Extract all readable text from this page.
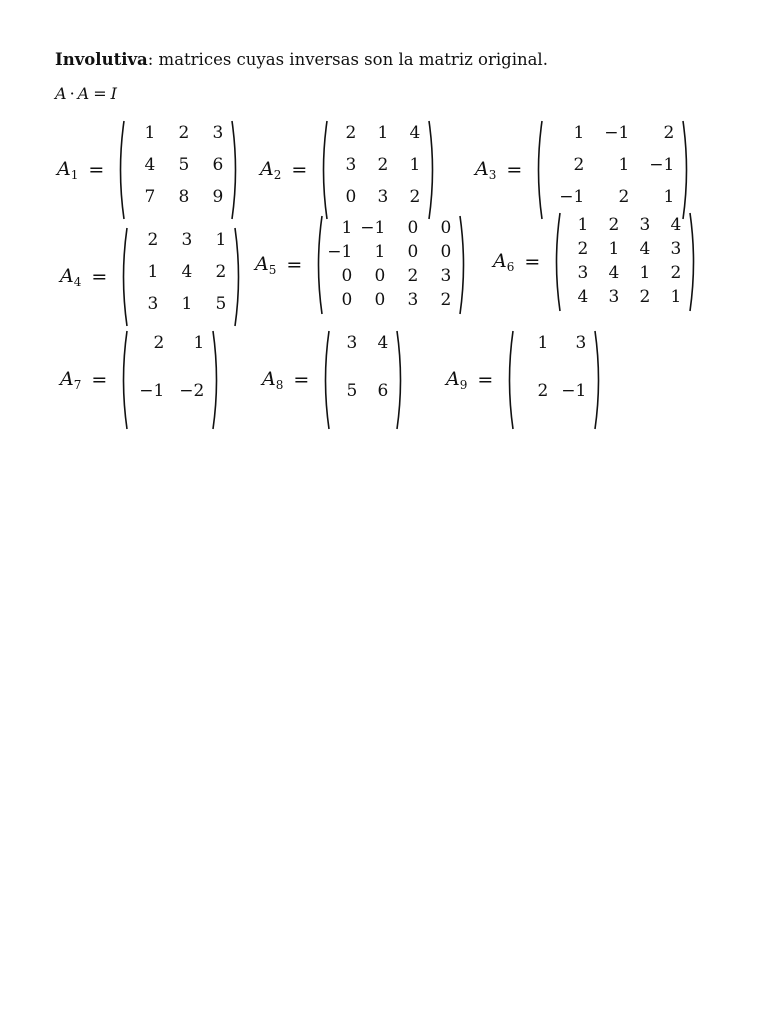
Involutiva: matrices cuyas inversas son la matriz original.
A · A = I
$A_1$ =
1	2	3
4	5	6
7	8	9
$A_2$ =
2	1	4
3	2	1
0	3	2
$A_3$ =
1	−1	2
2	1	−1
−1	2	1
$A_4$ =
2	3	1
1	4	2
3	1	5
$A_5$ =
1 −1	0	0
−1	1	0	0
0	0	2	3
0	0	3	2
$A_6$ =
1	2	3	4
2	1	4	3
3	4	1	2
4	3	2	1
$A_7$ =
2	1
−1 −2
$A_8$ =
3	4
5	6
$A_9$ =
1	3
2 −1
